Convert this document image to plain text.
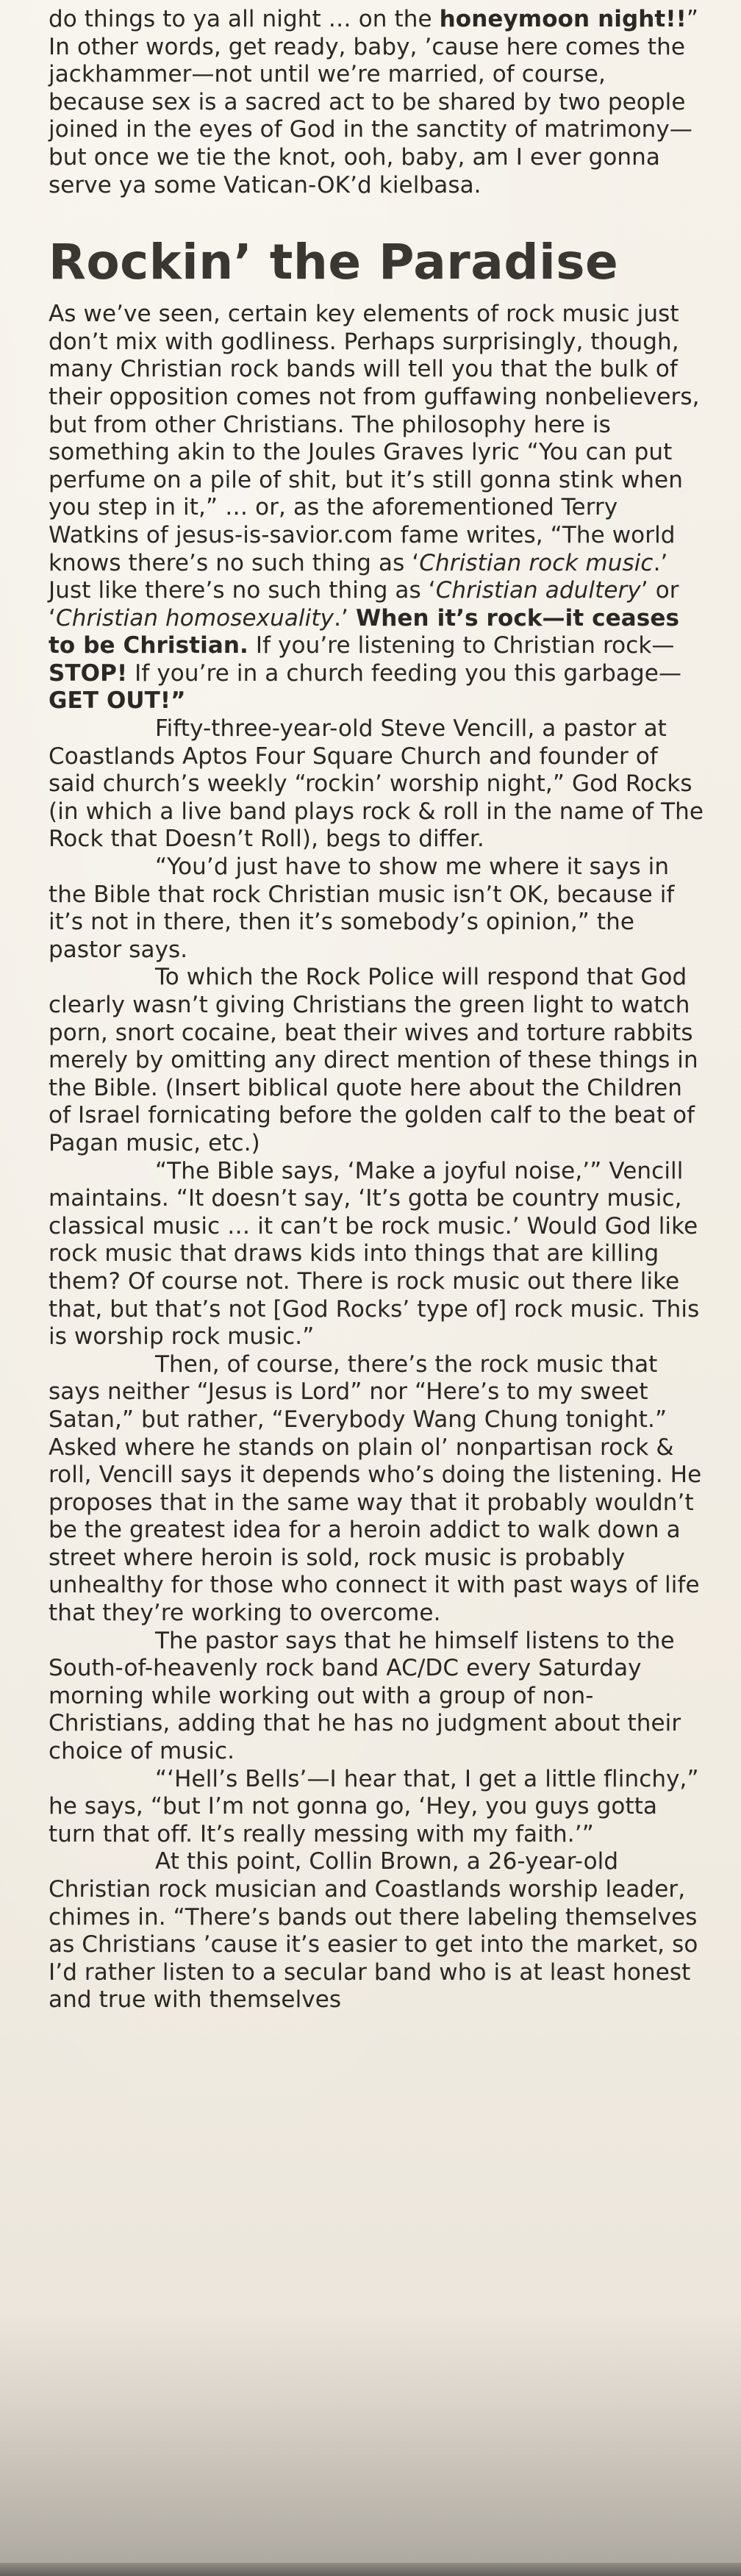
do things to ya all night … on the honeymoon night!!” In other words, get ready, baby, ’cause here comes the jackhammer—not until we’re married, of course, because sex is a sacred act to be shared by two people joined in the eyes of God in the sanctity of matrimony—but once we tie the knot, ooh, baby, am I ever gonna serve ya some Vatican-OK’d kielbasa.

Rockin’ the Paradise

As we’ve seen, certain key elements of rock music just don’t mix with godliness. Perhaps surprisingly, though, many Christian rock bands will tell you that the bulk of their opposition comes not from guffawing nonbelievers, but from other Christians. The philosophy here is something akin to the Joules Graves lyric “You can put perfume on a pile of shit, but it’s still gonna stink when you step in it,” … or, as the aforementioned Terry Watkins of jesus-is-savior.com fame writes, “The world knows there’s no such thing as ‘Christian rock music.’ Just like there’s no such thing as ‘Christian adultery’ or ‘Christian homosexuality.’ When it’s rock—it ceases to be Christian. If you’re listening to Christian rock—STOP! If you’re in a church feeding you this garbage—GET OUT!”

Fifty-three-year-old Steve Vencill, a pastor at Coastlands Aptos Four Square Church and founder of said church’s weekly “rockin’ worship night,” God Rocks (in which a live band plays rock & roll in the name of The Rock that Doesn’t Roll), begs to differ.

“You’d just have to show me where it says in the Bible that rock Christian music isn’t OK, because if it’s not in there, then it’s somebody’s opinion,” the pastor says.

To which the Rock Police will respond that God clearly wasn’t giving Christians the green light to watch porn, snort cocaine, beat their wives and torture rabbits merely by omitting any direct mention of these things in the Bible. (Insert biblical quote here about the Children of Israel fornicating before the golden calf to the beat of Pagan music, etc.)

“The Bible says, ‘Make a joyful noise,’” Vencill maintains. “It doesn’t say, ‘It’s gotta be country music, classical music … it can’t be rock music.’ Would God like rock music that draws kids into things that are killing them? Of course not. There is rock music out there like that, but that’s not [God Rocks’ type of] rock music. This is worship rock music.”

Then, of course, there’s the rock music that says neither “Jesus is Lord” nor “Here’s to my sweet Satan,” but rather, “Everybody Wang Chung tonight.” Asked where he stands on plain ol’ nonpartisan rock & roll, Vencill says it depends who’s doing the listening. He proposes that in the same way that it probably wouldn’t be the greatest idea for a heroin addict to walk down a street where heroin is sold, rock music is probably unhealthy for those who connect it with past ways of life that they’re working to overcome.

The pastor says that he himself listens to the South-of-heavenly rock band AC/DC every Saturday morning while working out with a group of non-Christians, adding that he has no judgment about their choice of music.

“‘Hell’s Bells’—I hear that, I get a little flinchy,” he says, “but I’m not gonna go, ‘Hey, you guys gotta turn that off. It’s really messing with my faith.’”

At this point, Collin Brown, a 26-year-old Christian rock musician and Coastlands worship leader, chimes in. “There’s bands out there labeling themselves as Christians ’cause it’s easier to get into the market, so I’d rather listen to a secular band who is at least honest and true with themselves
